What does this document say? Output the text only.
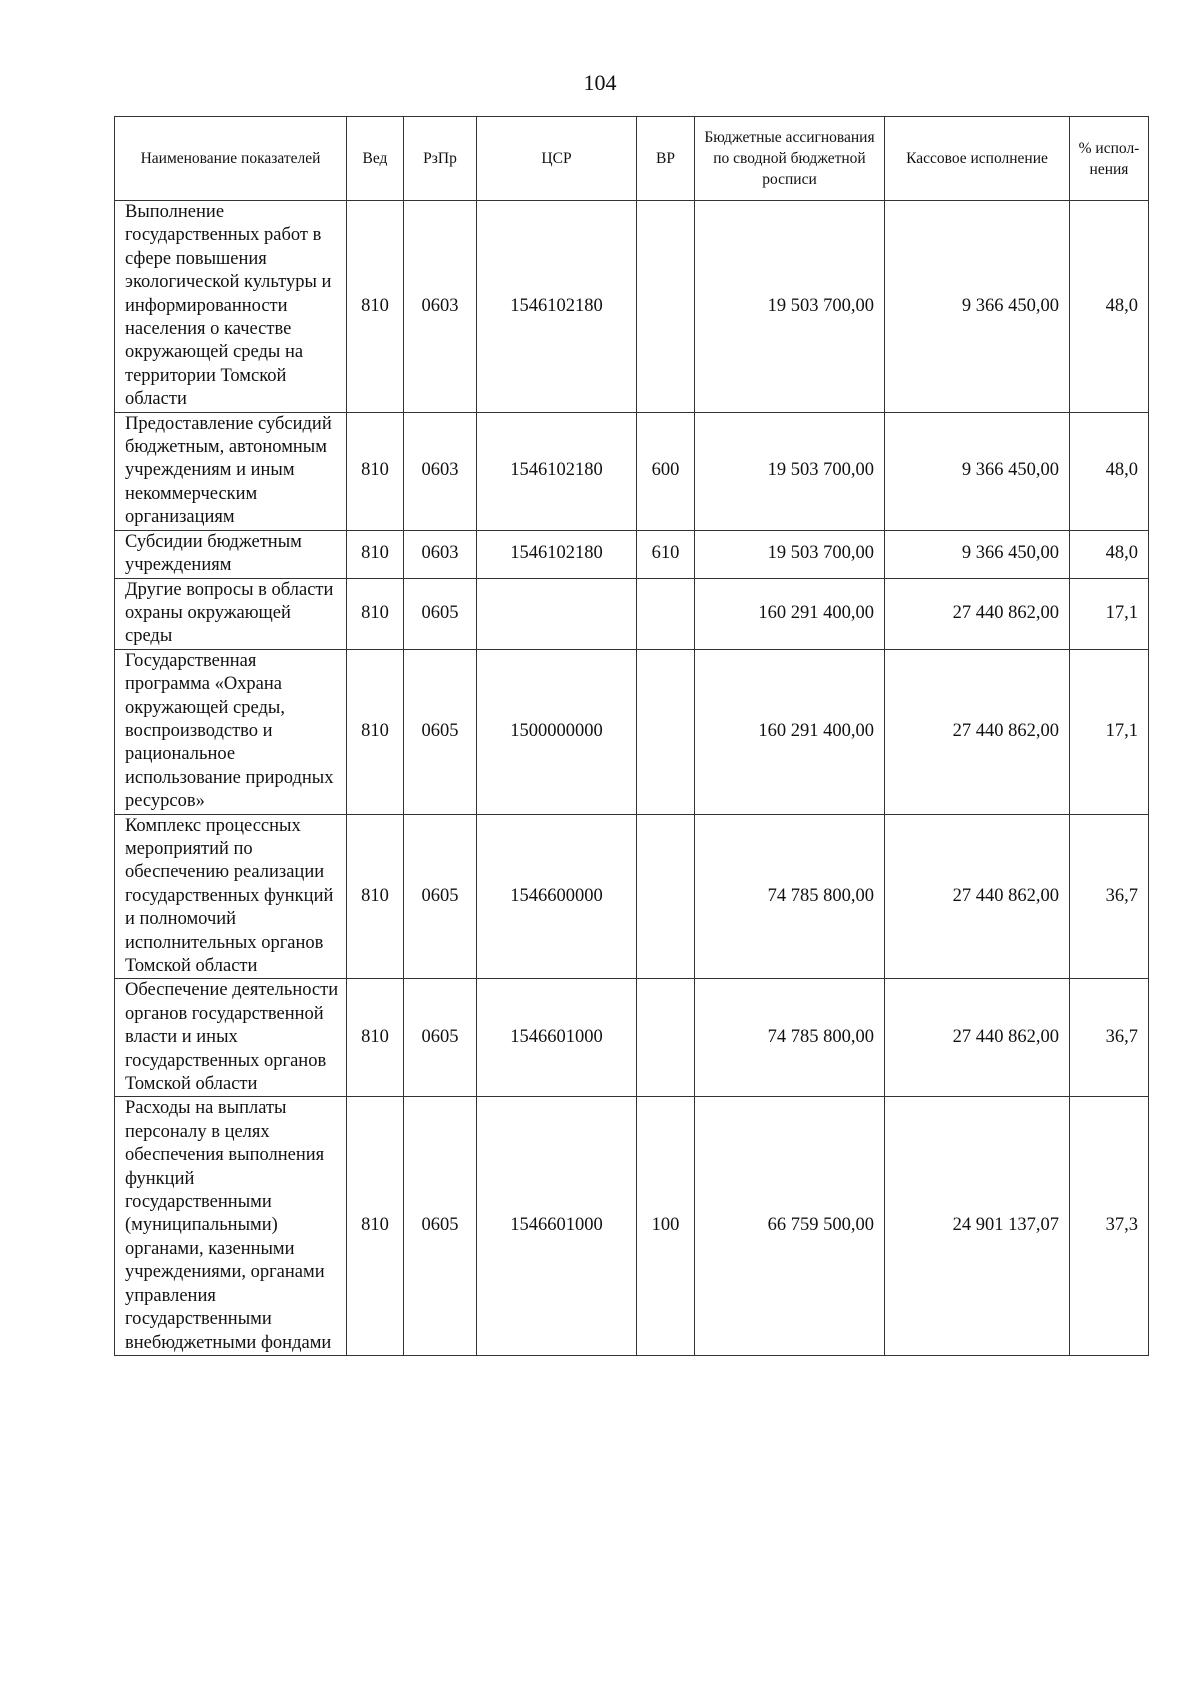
104
Наименование показателей	Вед	РзПр	ЦСР	ВР	Бюджетные ассигнования по сводной бюджетной росписи	Кассовое исполнение	% испол-нения
Выполнение государственных работ в сфере повышения экологической культуры и информированности населения о качестве окружающей среды на территории Томской области	810	0603	1546102180		19 503 700,00	9 366 450,00	48,0
Предоставление субсидий бюджетным, автономным учреждениям и иным некоммерческим организациям	810	0603	1546102180	600	19 503 700,00	9 366 450,00	48,0
Субсидии бюджетным учреждениям	810	0603	1546102180	610	19 503 700,00	9 366 450,00	48,0
Другие вопросы в области охраны окружающей среды	810	0605			160 291 400,00	27 440 862,00	17,1
Государственная программа «Охрана окружающей среды, воспроизводство и рациональное использование природных ресурсов»	810	0605	1500000000		160 291 400,00	27 440 862,00	17,1
Комплекс процессных мероприятий по обеспечению реализации государственных функций и полномочий исполнительных органов Томской области	810	0605	1546600000		74 785 800,00	27 440 862,00	36,7
Обеспечение деятельности органов государственной власти и иных государственных органов Томской области	810	0605	1546601000		74 785 800,00	27 440 862,00	36,7
Расходы на выплаты персоналу в целях обеспечения выполнения функций государственными (муниципальными) органами, казенными учреждениями, органами управления государственными внебюджетными фондами	810	0605	1546601000	100	66 759 500,00	24 901 137,07	37,3
